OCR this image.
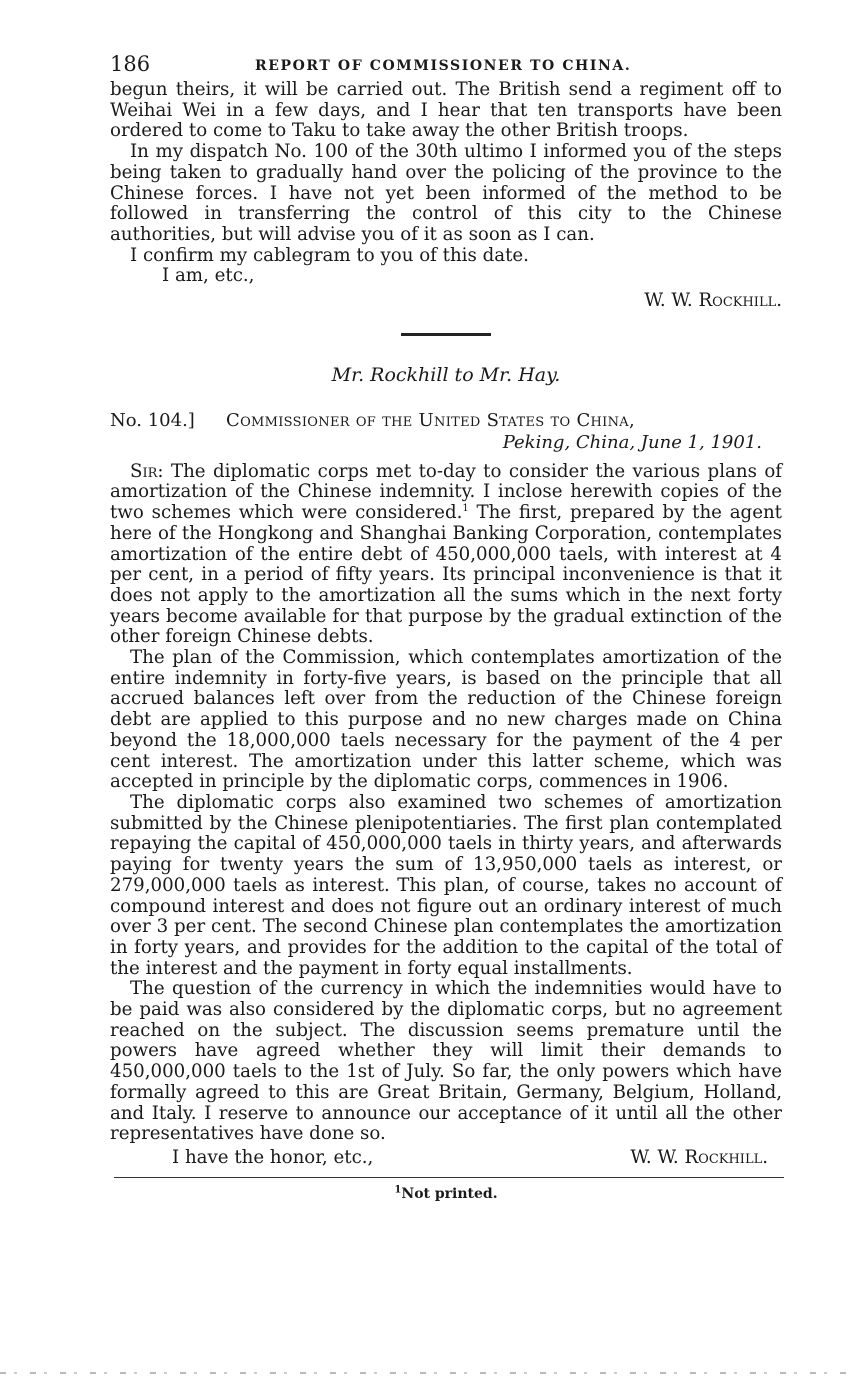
186	REPORT OF COMMISSIONER TO CHINA.

begun theirs, it will be carried out. The British send a regiment off to Weihai Wei in a few days, and I hear that ten transports have been ordered to come to Taku to take away the other British troops.

In my dispatch No. 100 of the 30th ultimo I informed you of the steps being taken to gradually hand over the policing of the province to the Chinese forces. I have not yet been informed of the method to be followed in transferring the control of this city to the Chinese authorities, but will advise you of it as soon as I can.

I confirm my cablegram to you of this date.

I am, etc.,
W. W. Rockhill.
Mr. Rockhill to Mr. Hay.
No. 104.] Commissioner of the United States to China,
Peking, China, June 1, 1901.

Sir: The diplomatic corps met to-day to consider the various plans of amortization of the Chinese indemnity. I inclose herewith copies of the two schemes which were considered.$^1$ The first, prepared by the agent here of the Hongkong and Shanghai Banking Corporation, contemplates amortization of the entire debt of 450,000,000 taels, with interest at 4 per cent, in a period of fifty years. Its principal inconvenience is that it does not apply to the amortization all the sums which in the next forty years become available for that purpose by the gradual extinction of the other foreign Chinese debts.

The plan of the Commission, which contemplates amortization of the entire indemnity in forty-five years, is based on the principle that all accrued balances left over from the reduction of the Chinese foreign debt are applied to this purpose and no new charges made on China beyond the 18,000,000 taels necessary for the payment of the 4 per cent interest. The amortization under this latter scheme, which was accepted in principle by the diplomatic corps, commences in 1906.

The diplomatic corps also examined two schemes of amortization submitted by the Chinese plenipotentiaries. The first plan contemplated repaying the capital of 450,000,000 taels in thirty years, and afterwards paying for twenty years the sum of 13,950,000 taels as interest, or 279,000,000 taels as interest. This plan, of course, takes no account of compound interest and does not figure out an ordinary interest of much over 3 per cent. The second Chinese plan contemplates the amortization in forty years, and provides for the addition to the capital of the total of the interest and the payment in forty equal installments.

The question of the currency in which the indemnities would have to be paid was also considered by the diplomatic corps, but no agreement reached on the subject. The discussion seems premature until the powers have agreed whether they will limit their demands to 450,000,000 taels to the 1st of July. So far, the only powers which have formally agreed to this are Great Britain, Germany, Belgium, Holland, and Italy. I reserve to announce our acceptance of it until all the other representatives have done so.

I have the honor, etc.,	W. W. Rockhill.
$^1$Not printed.
